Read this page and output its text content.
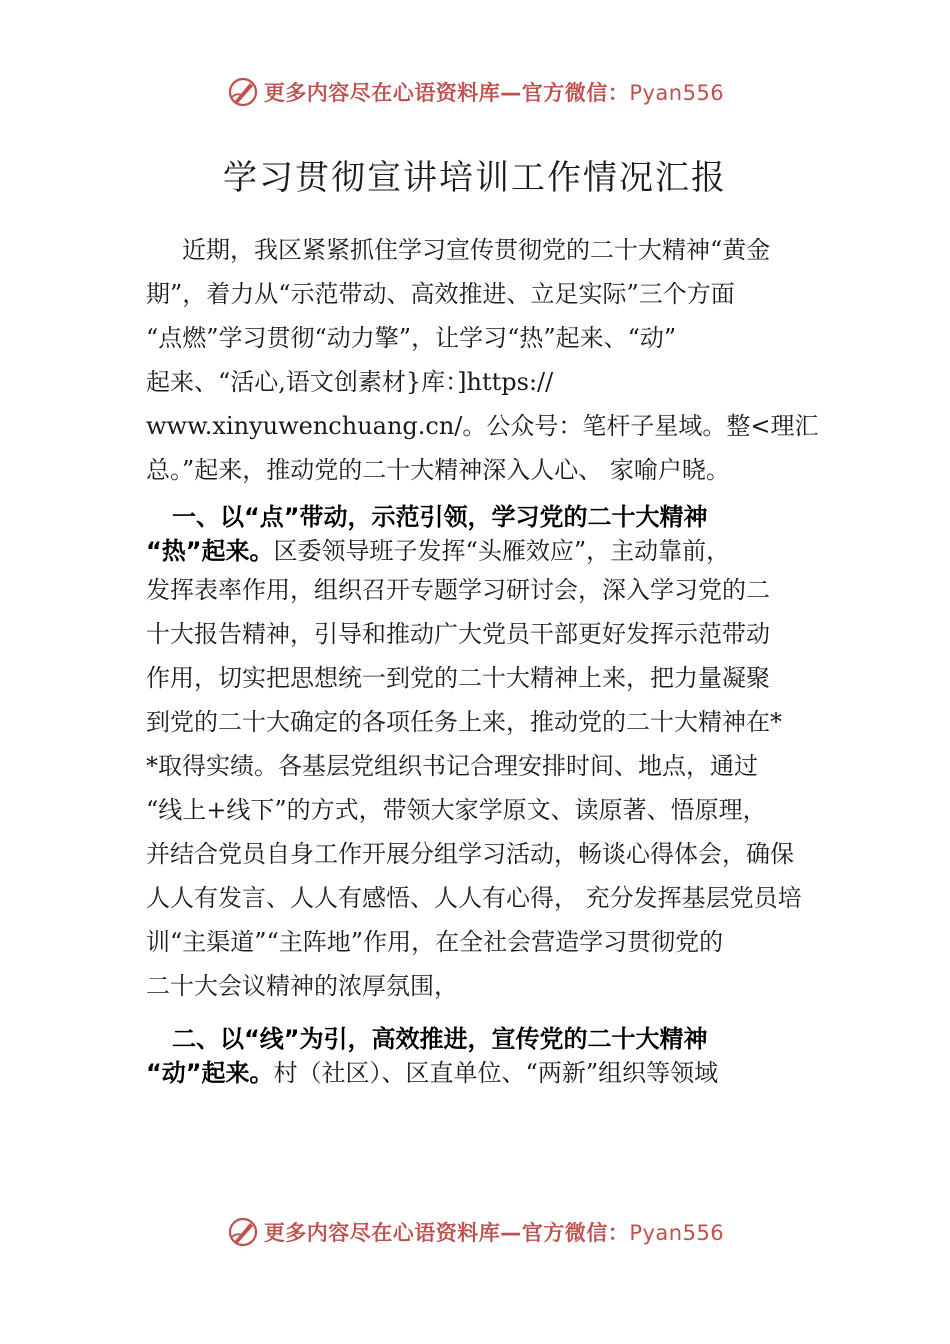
更多内容尽在心语资料库—官方微信：Pyan556
学习贯彻宣讲培训工作情况汇报
近期，我区紧紧抓住学习宣传贯彻党的二十大精神“黄金
期”，着力从“示范带动、高效推进、立足实际”三个方面
“点燃”学习贯彻“动力擎”，让学习“热”起来、“动”
起来、“活心,语文创素材}库：]https://
www.xinyuwenchuang.cn/。公众号：笔杆子星域。整<理汇
总。”起来，推动党的二十大精神深入人心、 家喻户晓。
一、以“点”带动，示范引领，学习党的二十大精神
“热”起来。区委领导班子发挥“头雁效应”，主动靠前，
发挥表率作用，组织召开专题学习研讨会，深入学习党的二
十大报告精神，引导和推动广大党员干部更好发挥示范带动
作用，切实把思想统一到党的二十大精神上来，把力量凝聚
到党的二十大确定的各项任务上来，推动党的二十大精神在*
*取得实绩。各基层党组织书记合理安排时间、地点，通过
“线上+线下”的方式，带领大家学原文、读原著、悟原理，
并结合党员自身工作开展分组学习活动，畅谈心得体会，确保
人人有发言、人人有感悟、人人有心得， 充分发挥基层党员培
训“主渠道”“主阵地”作用，在全社会营造学习贯彻党的
二十大会议精神的浓厚氛围，
二、以“线”为引，高效推进，宣传党的二十大精神
“动”起来。村（社区）、区直单位、“两新”组织等领域
更多内容尽在心语资料库—官方微信：Pyan556
